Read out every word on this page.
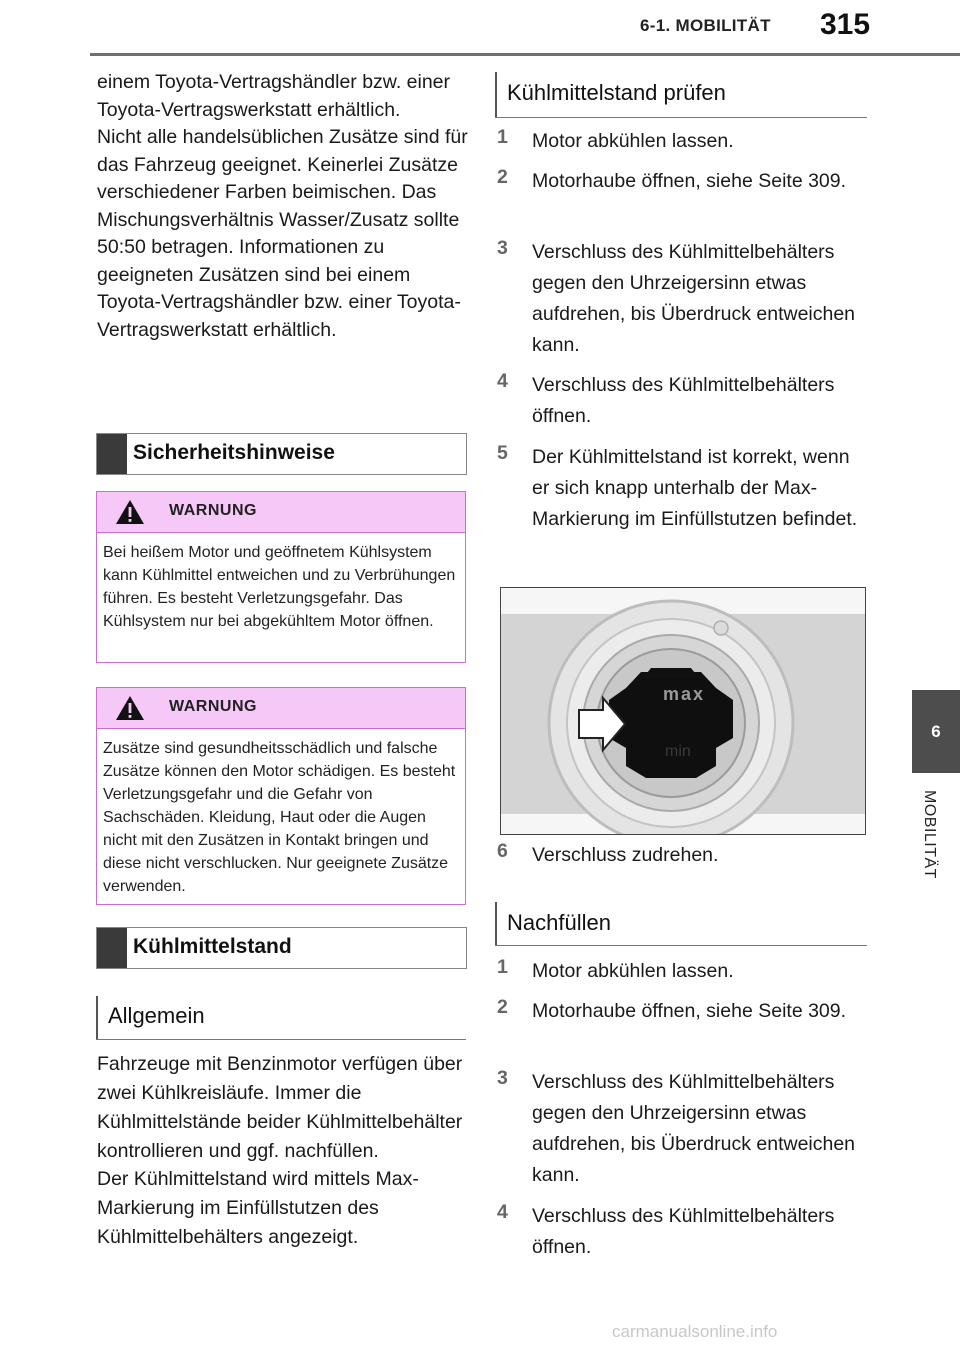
6-1. MOBILITÄT 315
6
MOBILITÄT

einem Toyota-Vertragshändler bzw. einer Toyota-Vertragswerkstatt erhältlich.
Nicht alle handelsüblichen Zusätze sind für das Fahrzeug geeignet. Keinerlei Zusätze verschiedener Farben beimischen. Das Mischungsverhältnis Wasser/Zusatz sollte 50:50 betragen. Informationen zu geeigneten Zusätzen sind bei einem Toyota-Vertragshändler bzw. einer Toyota-Vertragswerkstatt erhältlich.

Sicherheitshinweise
WARNUNG
Bei heißem Motor und geöffnetem Kühlsystem kann Kühlmittel entweichen und zu Verbrühungen führen. Es besteht Verletzungsgefahr. Das Kühlsystem nur bei abgekühltem Motor öffnen.
WARNUNG
Zusätze sind gesundheitsschädlich und falsche Zusätze können den Motor schädigen. Es besteht Verletzungsgefahr und die Gefahr von Sachschäden. Kleidung, Haut oder die Augen nicht mit den Zusätzen in Kontakt bringen und diese nicht verschlucken. Nur geeignete Zusätze verwenden.
Kühlmittelstand
Allgemein

Fahrzeuge mit Benzinmotor verfügen über zwei Kühlkreisläufe. Immer die Kühlmittelstände beider Kühlmittelbehälter kontrollieren und ggf. nachfüllen.

Der Kühlmittelstand wird mittels Max-Markierung im Einfüllstutzen des Kühlmittelbehälters angezeigt.

Kühlmittelstand prüfen
1 Motor abkühlen lassen.
2 Motorhaube öffnen, siehe Seite 309.
3 Verschluss des Kühlmittelbehälters gegen den Uhrzeigersinn etwas aufdrehen, bis Überdruck entweichen kann.
4 Verschluss des Kühlmittelbehälters öffnen.
5 Der Kühlmittelstand ist korrekt, wenn er sich knapp unterhalb der Max-Markierung im Einfüllstutzen befindet.
max
min
6 Verschluss zudrehen.
Nachfüllen
1 Motor abkühlen lassen.
2 Motorhaube öffnen, siehe Seite 309.
3 Verschluss des Kühlmittelbehälters gegen den Uhrzeigersinn etwas aufdrehen, bis Überdruck entweichen kann.
4 Verschluss des Kühlmittelbehälters öffnen.
carmanualsonline.info
